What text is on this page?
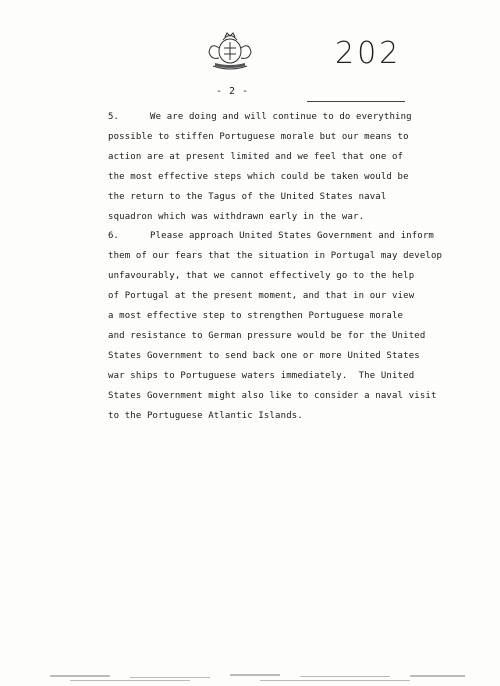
202
- 2 -
5.	We are doing and will continue to do everything
possible to stiffen Portuguese morale but our means to
action are at present limited and we feel that one of
the most effective steps which could be taken would be
the return to the Tagus of the United States naval
squadron which was withdrawn early in the war.
6.	Please approach United States Government and inform
them of our fears that the situation in Portugal may develop
unfavourably, that we cannot effectively go to the help
of Portugal at the present moment, and that in our view
a most effective step to strengthen Portuguese morale
and resistance to German pressure would be for the United
States Government to send back one or more United States
war ships to Portuguese waters immediately.  The United
States Government might also like to consider a naval visit
to the Portuguese Atlantic Islands.
